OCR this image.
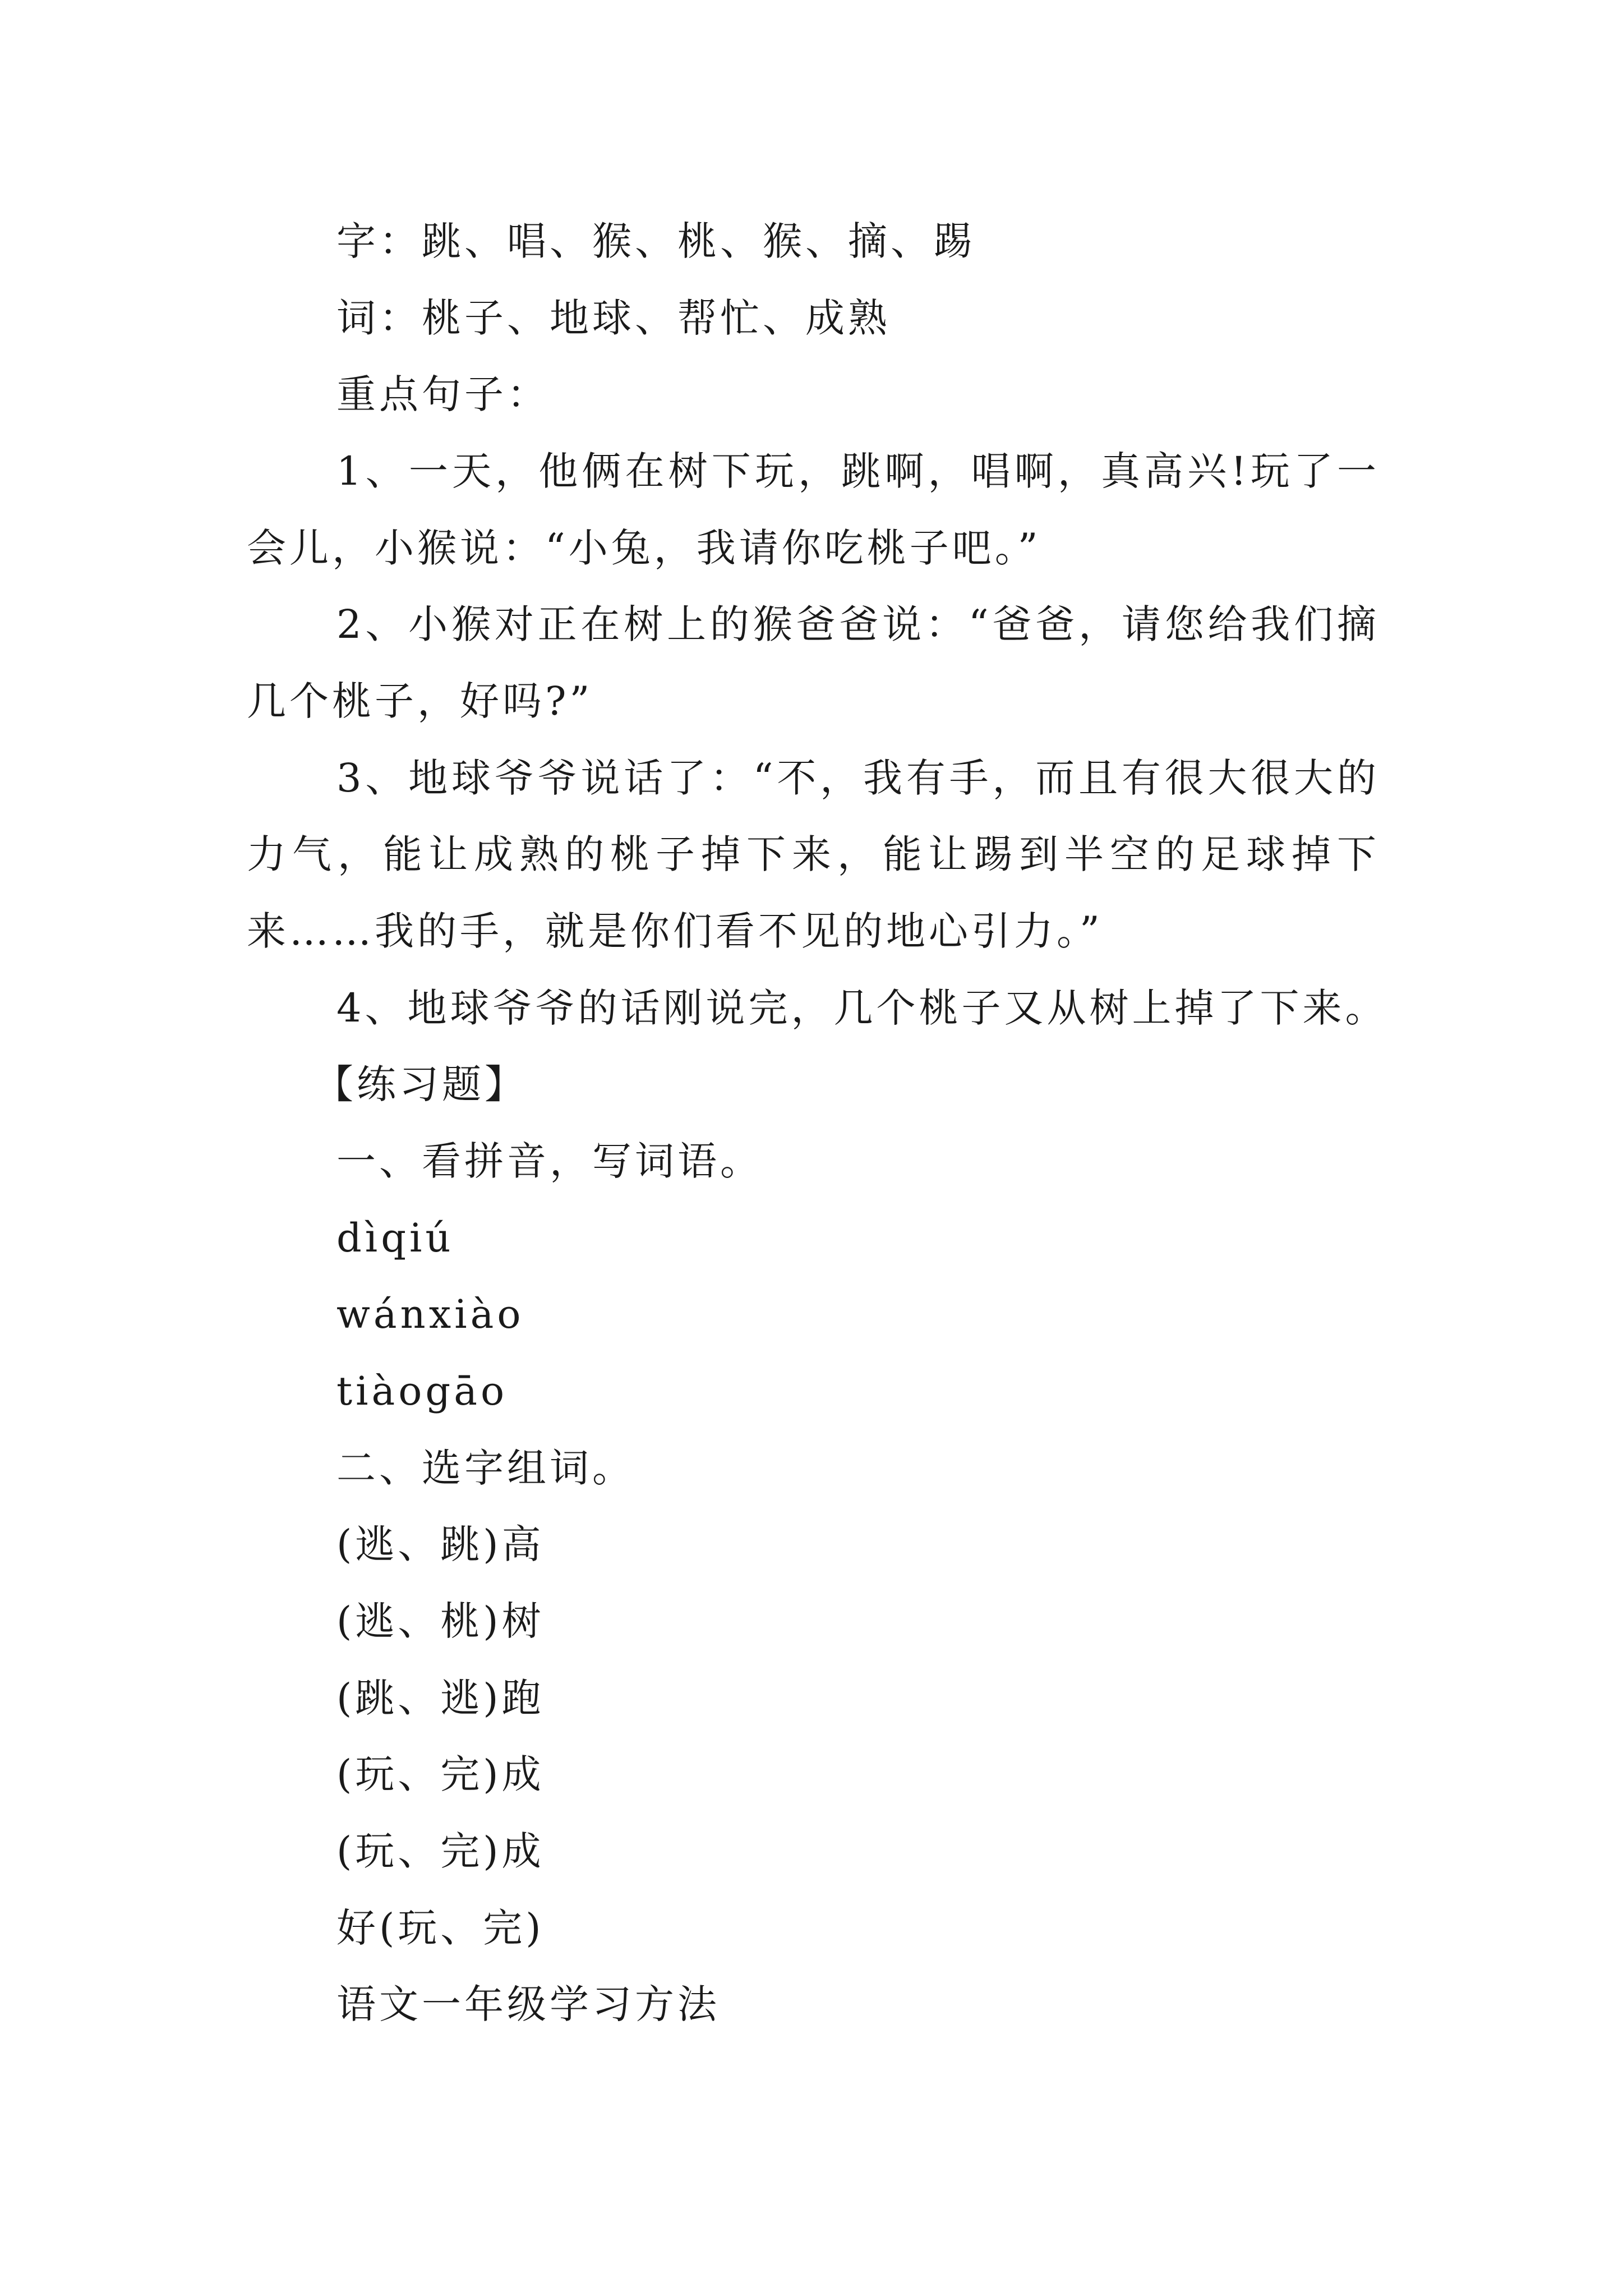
字：跳、唱、猴、桃、猴、摘、踢
词：桃子、地球、帮忙、成熟
重点句子：
1、一天，他俩在树下玩，跳啊，唱啊，真高兴!玩了一
会儿，小猴说：“小兔，我请你吃桃子吧。”
2、小猴对正在树上的猴爸爸说：“爸爸，请您给我们摘
几个桃子，好吗?”
3、地球爷爷说话了：“不，我有手，而且有很大很大的
力气，能让成熟的桃子掉下来，能让踢到半空的足球掉下
来……我的手，就是你们看不见的地心引力。”
4、地球爷爷的话刚说完，几个桃子又从树上掉了下来。
【练习题】
一、看拼音，写词语。
dìqiú
wánxiào
tiàogāo
二、选字组词。
(逃、跳)高
(逃、桃)树
(跳、逃)跑
(玩、完)成
(玩、完)成
好(玩、完)
语文一年级学习方法
